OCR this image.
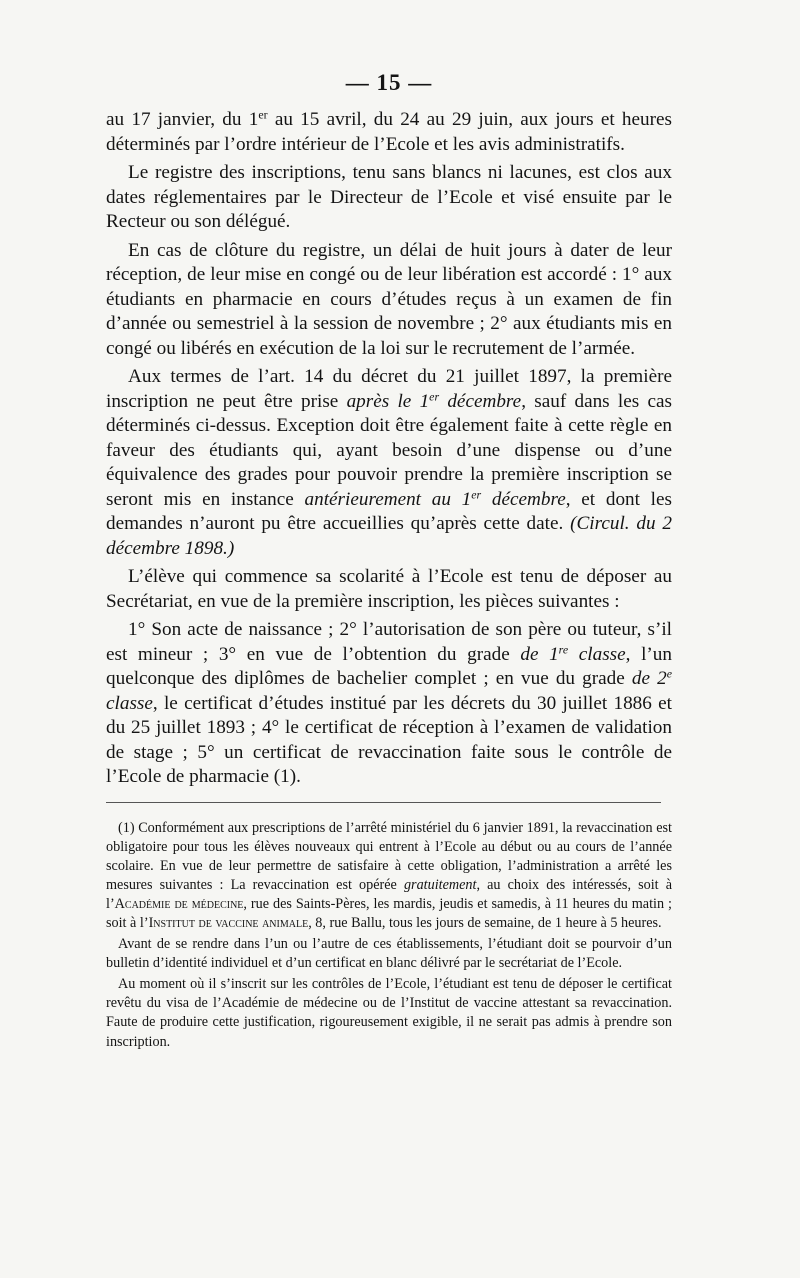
— 15 —

au 17 janvier, du 1er au 15 avril, du 24 au 29 juin, aux jours et heures déterminés par l’ordre intérieur de l’Ecole et les avis administratifs.

Le registre des inscriptions, tenu sans blancs ni lacunes, est clos aux dates réglementaires par le Directeur de l’Ecole et visé ensuite par le Recteur ou son délégué.

En cas de clôture du registre, un délai de huit jours à dater de leur réception, de leur mise en congé ou de leur libération est accordé : 1° aux étudiants en pharmacie en cours d’études reçus à un examen de fin d’année ou semestriel à la session de novembre ; 2° aux étudiants mis en congé ou libérés en exécution de la loi sur le recrutement de l’armée.

Aux termes de l’art. 14 du décret du 21 juillet 1897, la première inscription ne peut être prise après le 1er décembre, sauf dans les cas déterminés ci-dessus. Exception doit être également faite à cette règle en faveur des étudiants qui, ayant besoin d’une dispense ou d’une équivalence des grades pour pouvoir prendre la première inscription se seront mis en instance antérieurement au 1er décembre, et dont les demandes n’auront pu être accueillies qu’après cette date. (Circul. du 2 décembre 1898.)

L’élève qui commence sa scolarité à l’Ecole est tenu de déposer au Secrétariat, en vue de la première inscription, les pièces suivantes :

1° Son acte de naissance ; 2° l’autorisation de son père ou tuteur, s’il est mineur ; 3° en vue de l’obtention du grade de 1re classe, l’un quelconque des diplômes de bachelier complet ; en vue du grade de 2e classe, le certificat d’études institué par les décrets du 30 juillet 1886 et du 25 juillet 1893 ; 4° le certificat de réception à l’examen de validation de stage ; 5° un certificat de revaccination faite sous le contrôle de l’Ecole de pharmacie (1).

(1) Conformément aux prescriptions de l’arrêté ministériel du 6 janvier 1891, la revaccination est obligatoire pour tous les élèves nouveaux qui entrent à l’Ecole au début ou au cours de l’année scolaire. En vue de leur permettre de satisfaire à cette obligation, l’administration a arrêté les mesures suivantes : La revaccination est opérée gratuitement, au choix des intéressés, soit à l’Académie de médecine, rue des Saints-Pères, les mardis, jeudis et samedis, à 11 heures du matin ; soit à l’Institut de vaccine animale, 8, rue Ballu, tous les jours de semaine, de 1 heure à 5 heures.

Avant de se rendre dans l’un ou l’autre de ces établissements, l’étudiant doit se pourvoir d’un bulletin d’identité individuel et d’un certificat en blanc délivré par le secrétariat de l’Ecole.

Au moment où il s’inscrit sur les contrôles de l’Ecole, l’étudiant est tenu de déposer le certificat revêtu du visa de l’Académie de médecine ou de l’Institut de vaccine attestant sa revaccination. Faute de produire cette justification, rigoureusement exigible, il ne serait pas admis à prendre son inscription.
